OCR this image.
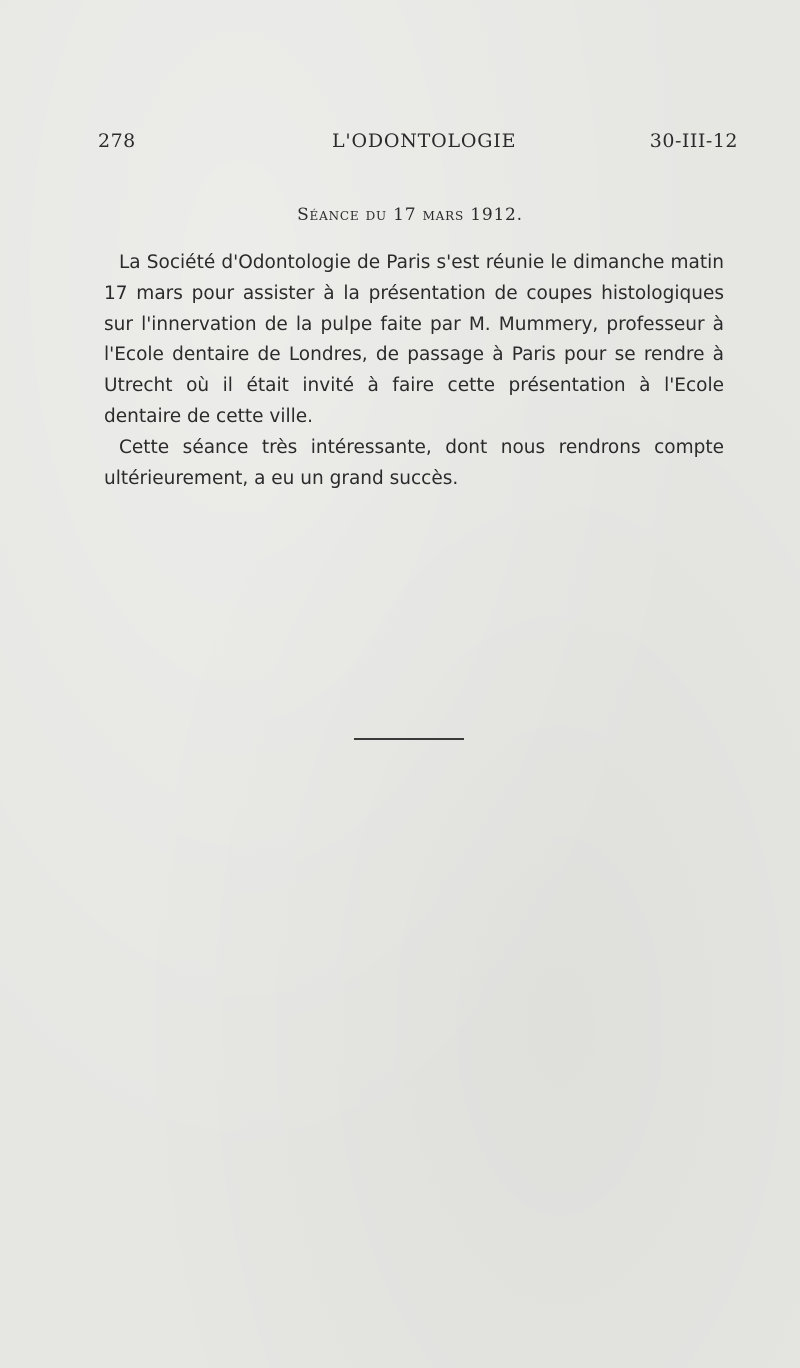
278	L'ODONTOLOGIE	30-III-12
Séance du 17 mars 1912.

La Société d'Odontologie de Paris s'est réunie le dimanche matin 17 mars pour assister à la présentation de coupes histologiques sur l'innervation de la pulpe faite par M. Mummery, professeur à l'Ecole dentaire de Londres, de passage à Paris pour se rendre à Utrecht où il était invité à faire cette présentation à l'Ecole dentaire de cette ville.

Cette séance très intéressante, dont nous rendrons compte ultérieurement, a eu un grand succès.
